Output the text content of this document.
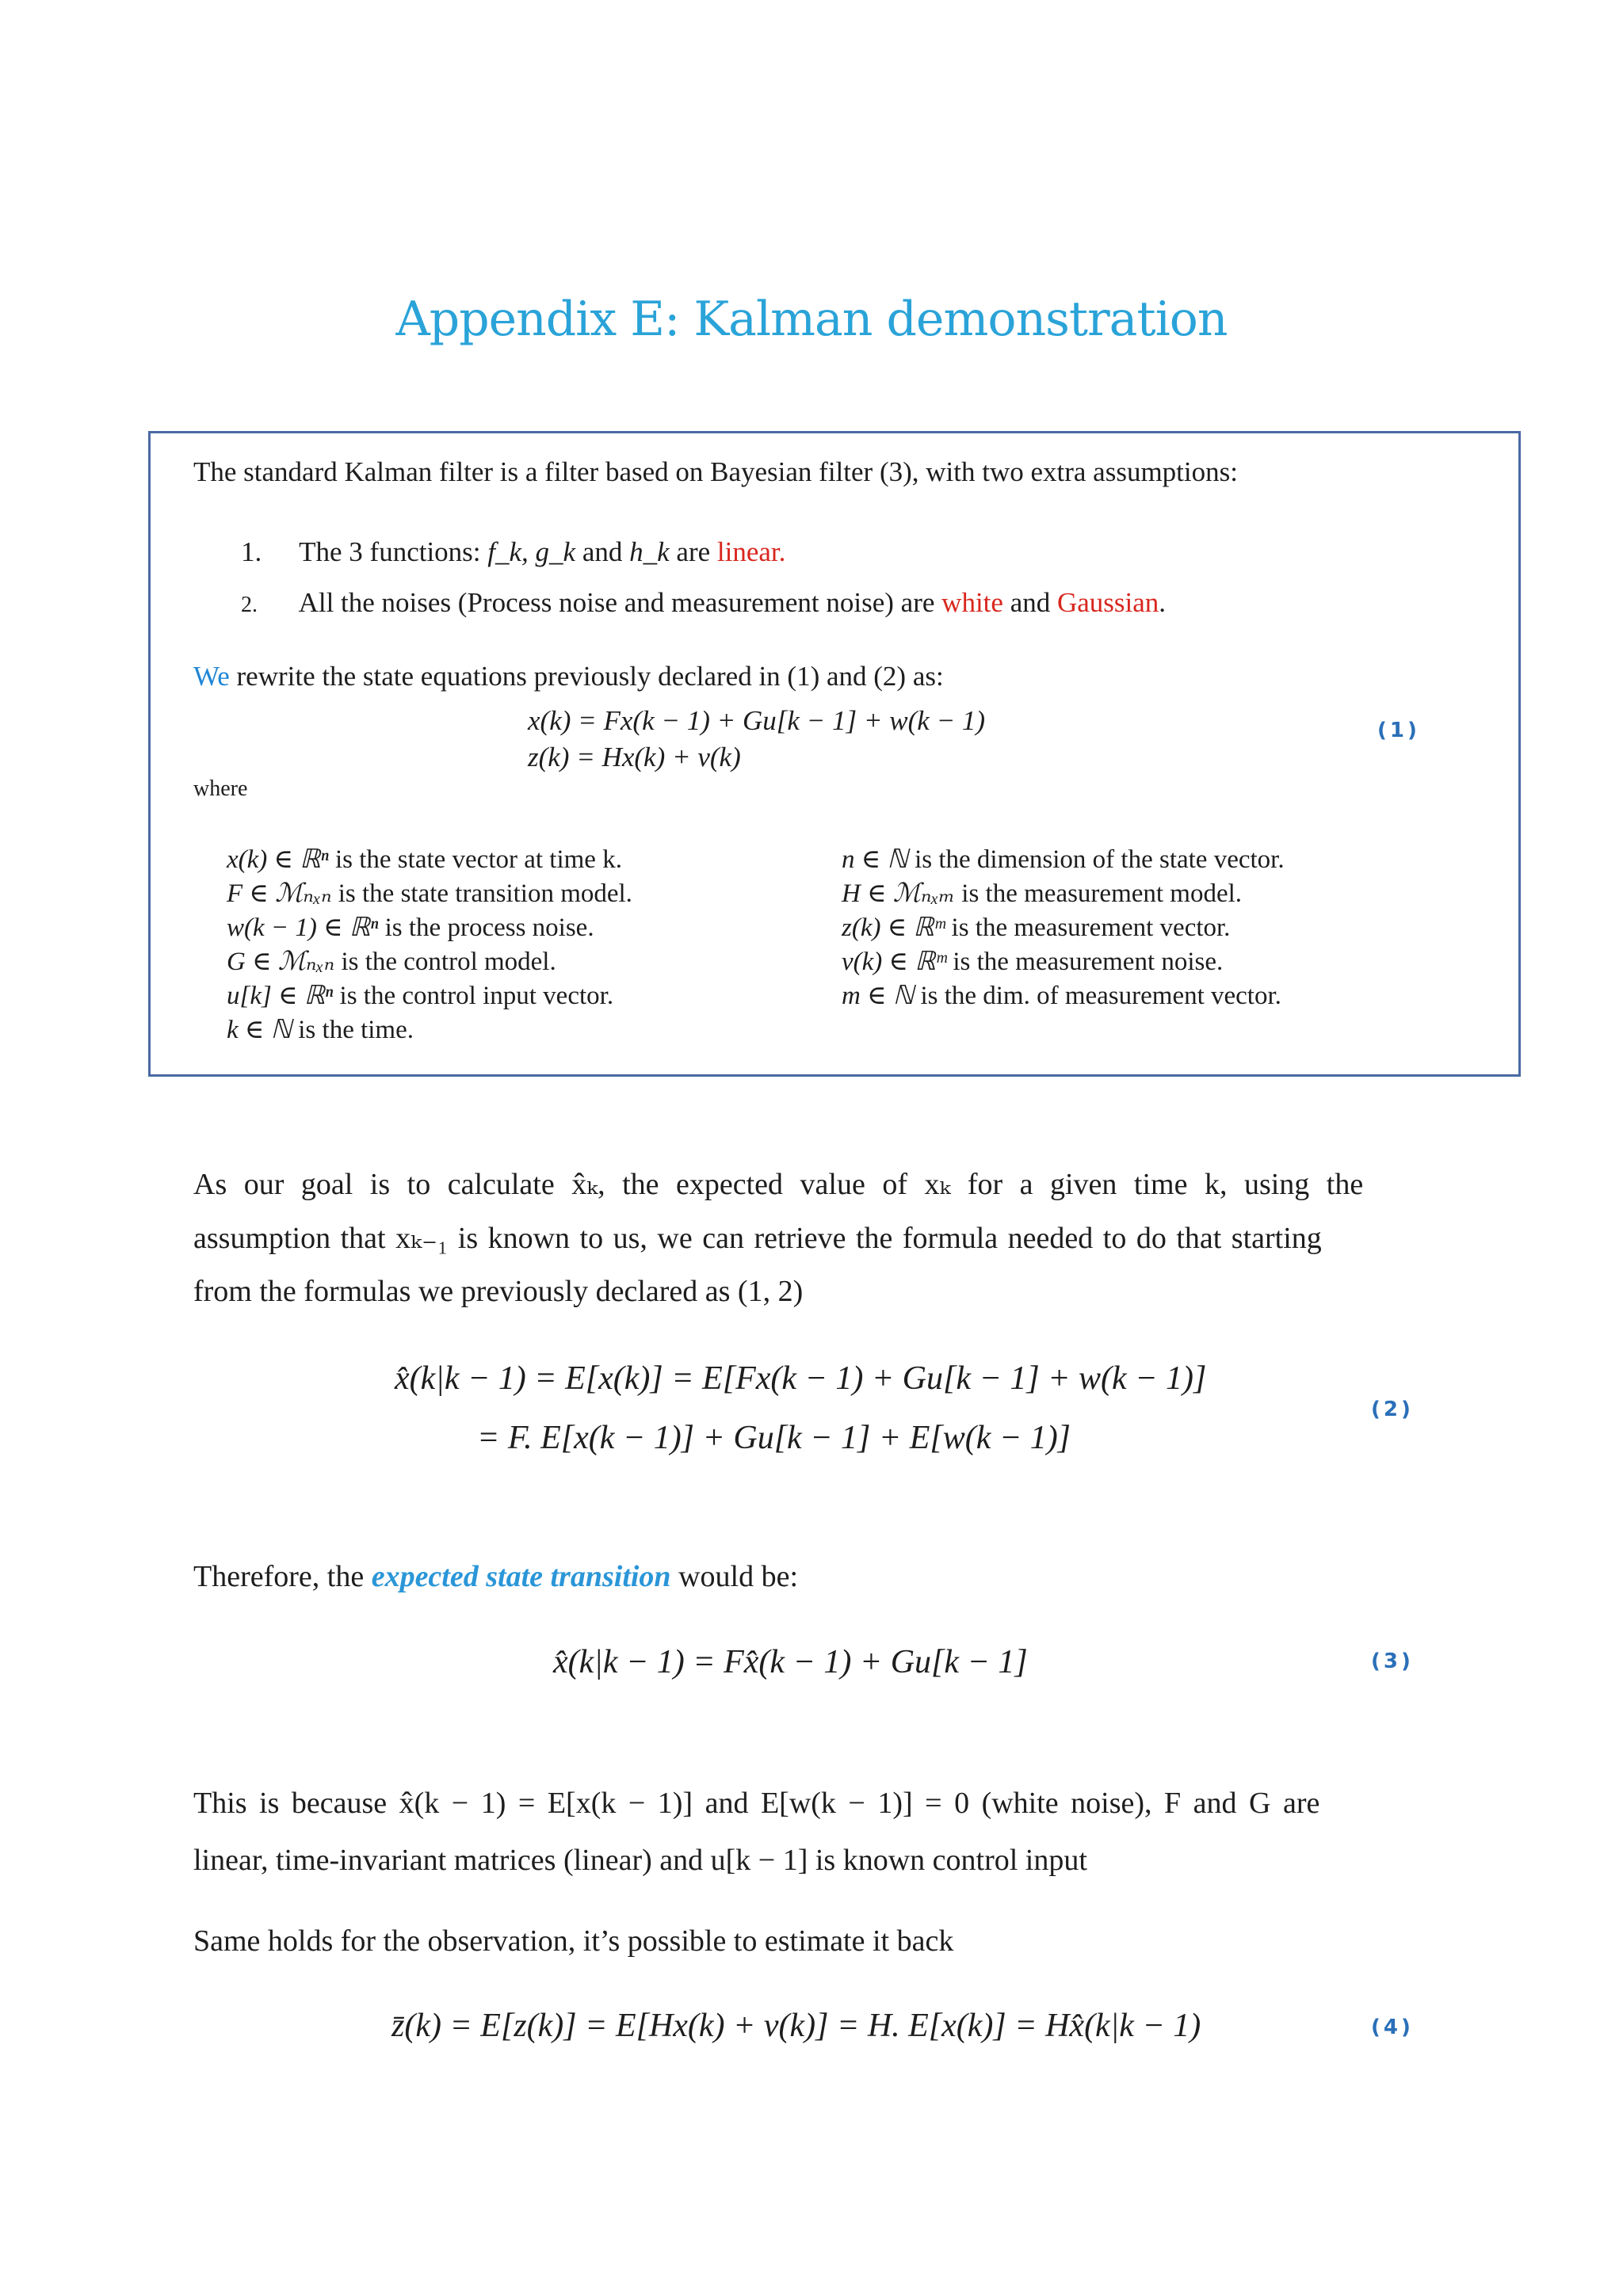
Appendix E: Kalman demonstration
The standard Kalman filter is a filter based on Bayesian filter (3), with two extra assumptions:
1. The 3 functions: f_k, g_k and h_k are linear.
2. All the noises (Process noise and measurement noise) are white and Gaussian.
We rewrite the state equations previously declared in (1) and (2) as:
x(k) = Fx(k − 1) + Gu[k − 1] + w(k − 1)
z(k) = Hx(k) + v(k)
(1)
where
x(k) ∈ ℝⁿ is the state vector at time k.
F ∈ ℳₙₓₙ is the state transition model.
w(k − 1) ∈ ℝⁿ is the process noise.
G ∈ ℳₙₓₙ is the control model.
u[k] ∈ ℝⁿ is the control input vector.
k ∈ ℕ is the time.
n ∈ ℕ is the dimension of the state vector.
H ∈ ℳₙₓₘ is the measurement model.
z(k) ∈ ℝᵐ is the measurement vector.
v(k) ∈ ℝᵐ is the measurement noise.
m ∈ ℕ is the dim. of measurement vector.
As our goal is to calculate x̂ₖ, the expected value of xₖ for a given time k, using the
assumption that xₖ₋₁ is known to us, we can retrieve the formula needed to do that starting
from the formulas we previously declared as (1, 2)
x̂(k|k − 1) = E[x(k)] = E[Fx(k − 1) + Gu[k − 1] + w(k − 1)]
= F. E[x(k − 1)] + Gu[k − 1] + E[w(k − 1)]
(2)
Therefore, the expected state transition would be:
x̂(k|k − 1) = Fx̂(k − 1) + Gu[k − 1]	(3)
This is because x̂(k − 1) = E[x(k − 1)] and E[w(k − 1)] = 0 (white noise), F and G are
linear, time-invariant matrices (linear) and u[k − 1] is known control input
Same holds for the observation, it’s possible to estimate it back
z̄(k) = E[z(k)] = E[Hx(k) + v(k)] = H. E[x(k)] = Hx̂(k|k − 1)	(4)
